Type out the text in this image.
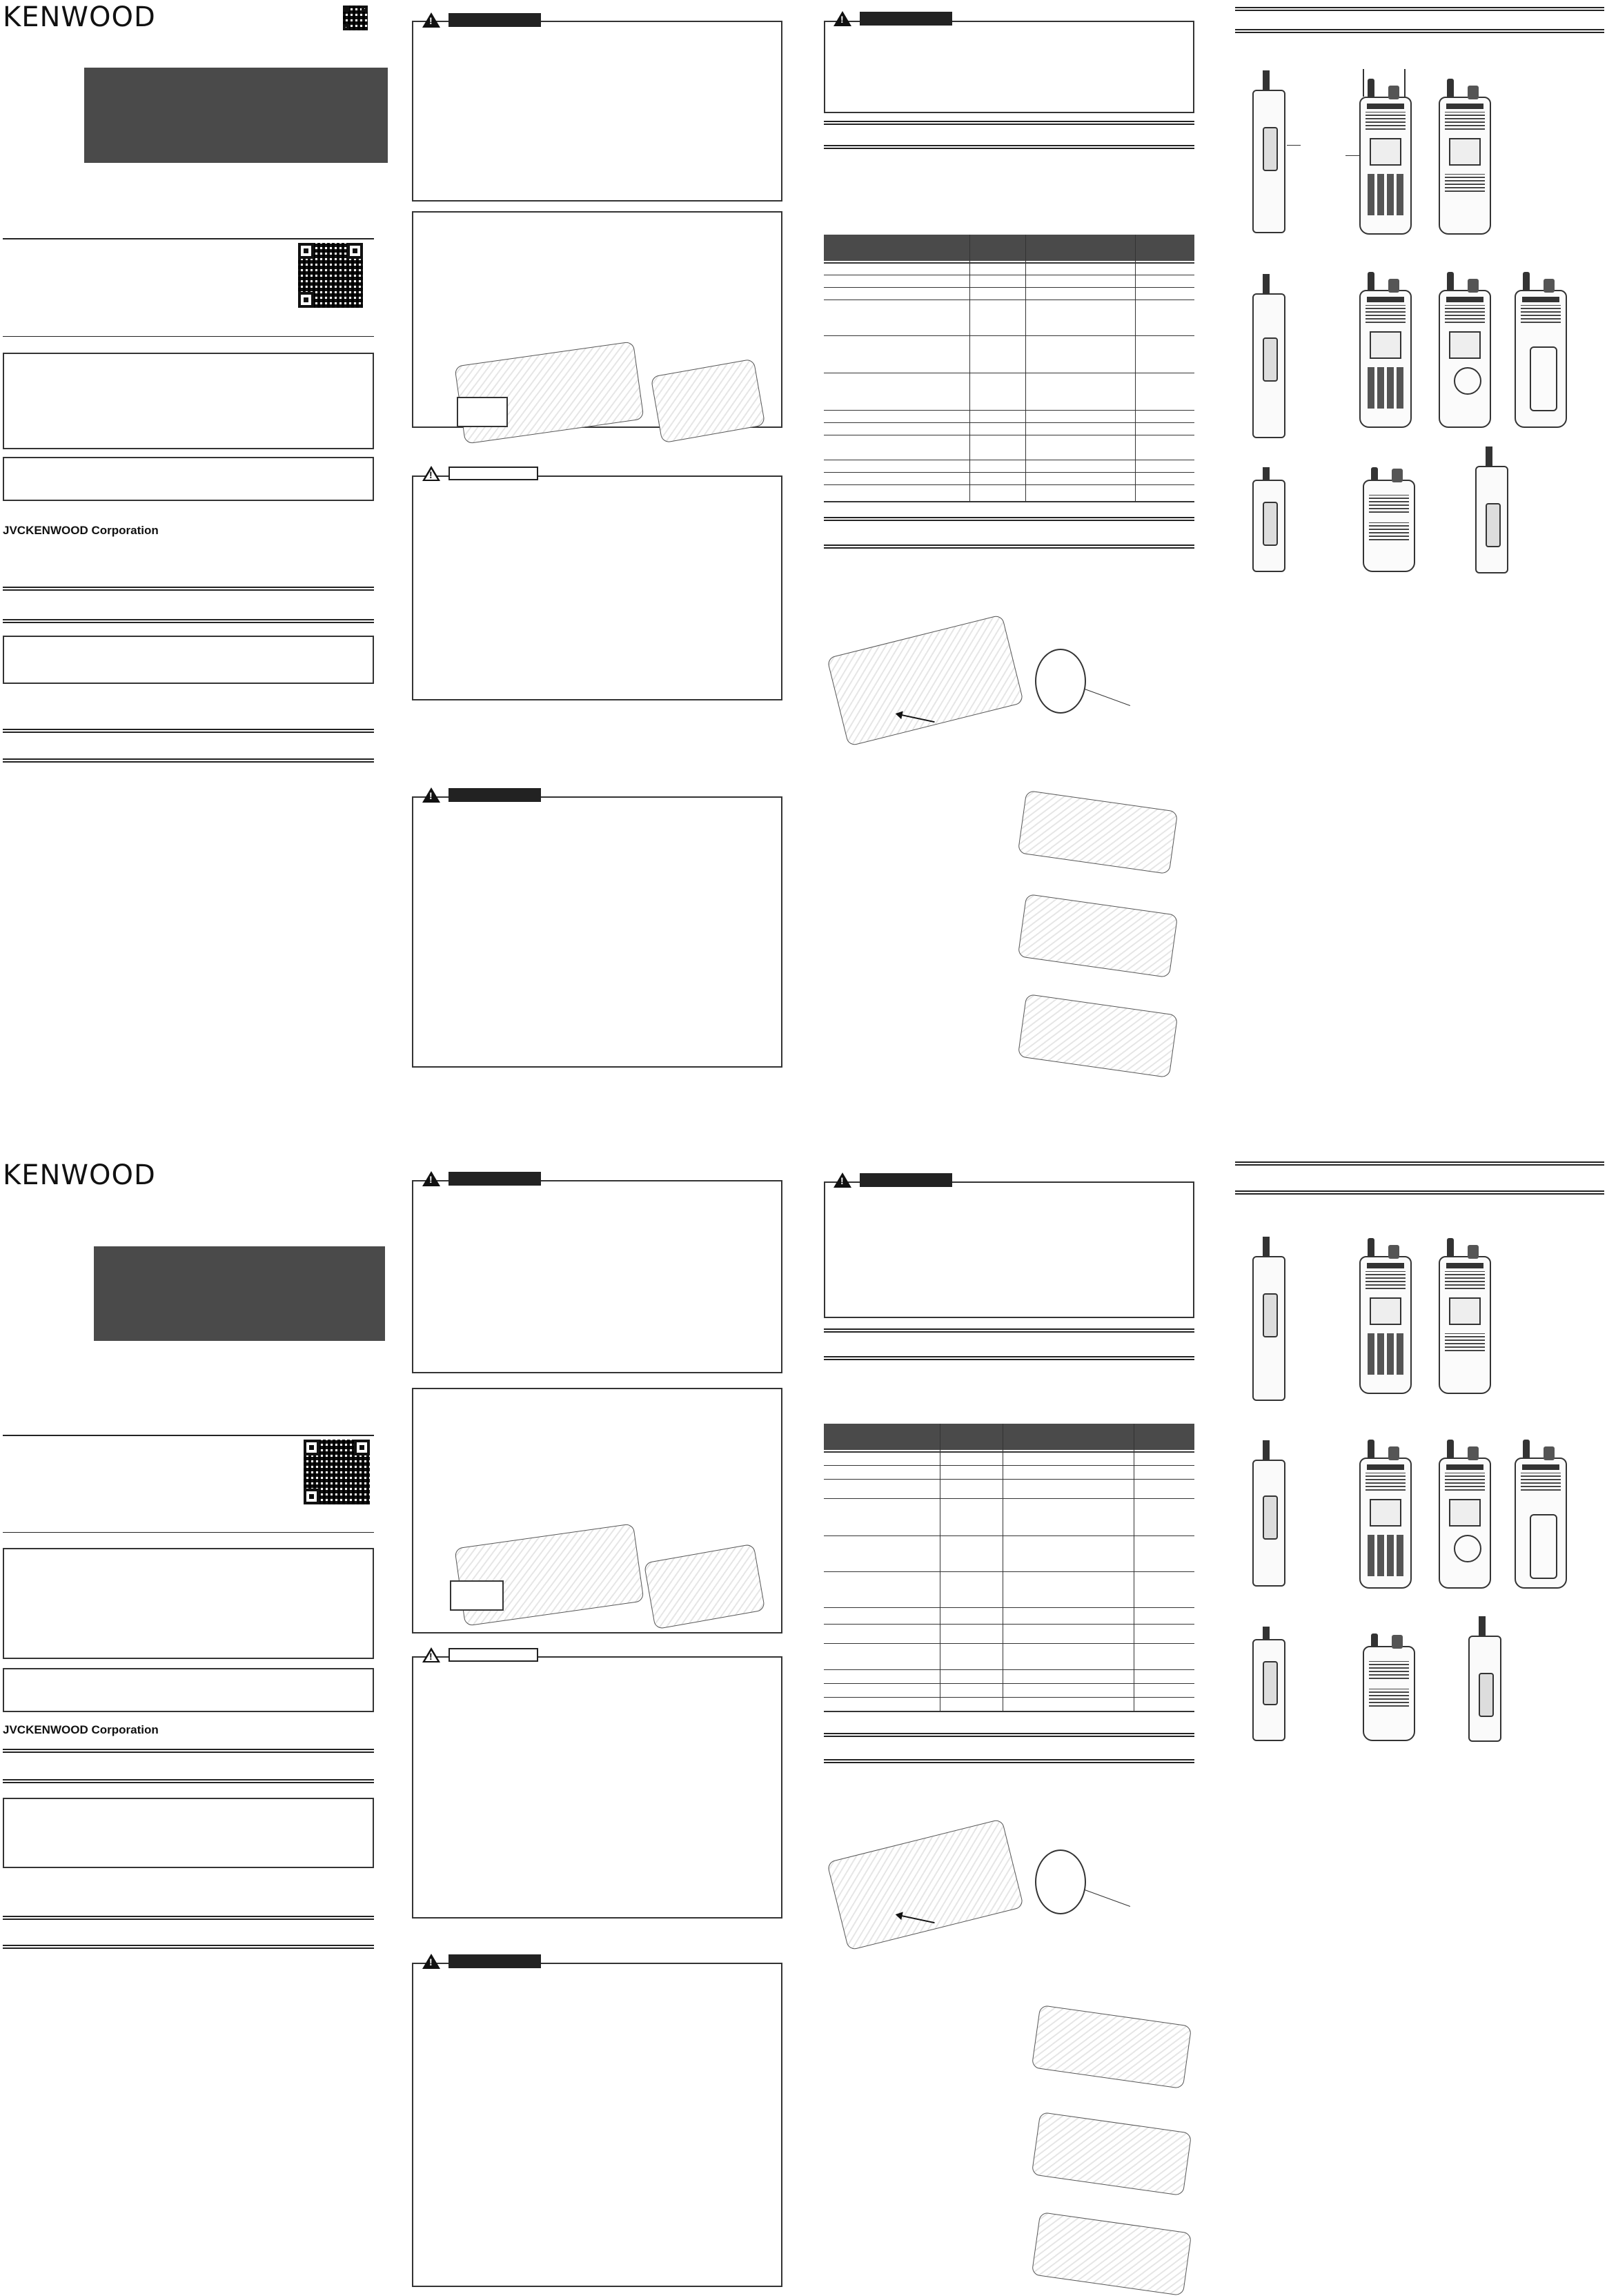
KENWOOD
JVCKENWOOD Corporation
!
!
!
!
KENWOOD
JVCKENWOOD Corporation
!
!
!
!
